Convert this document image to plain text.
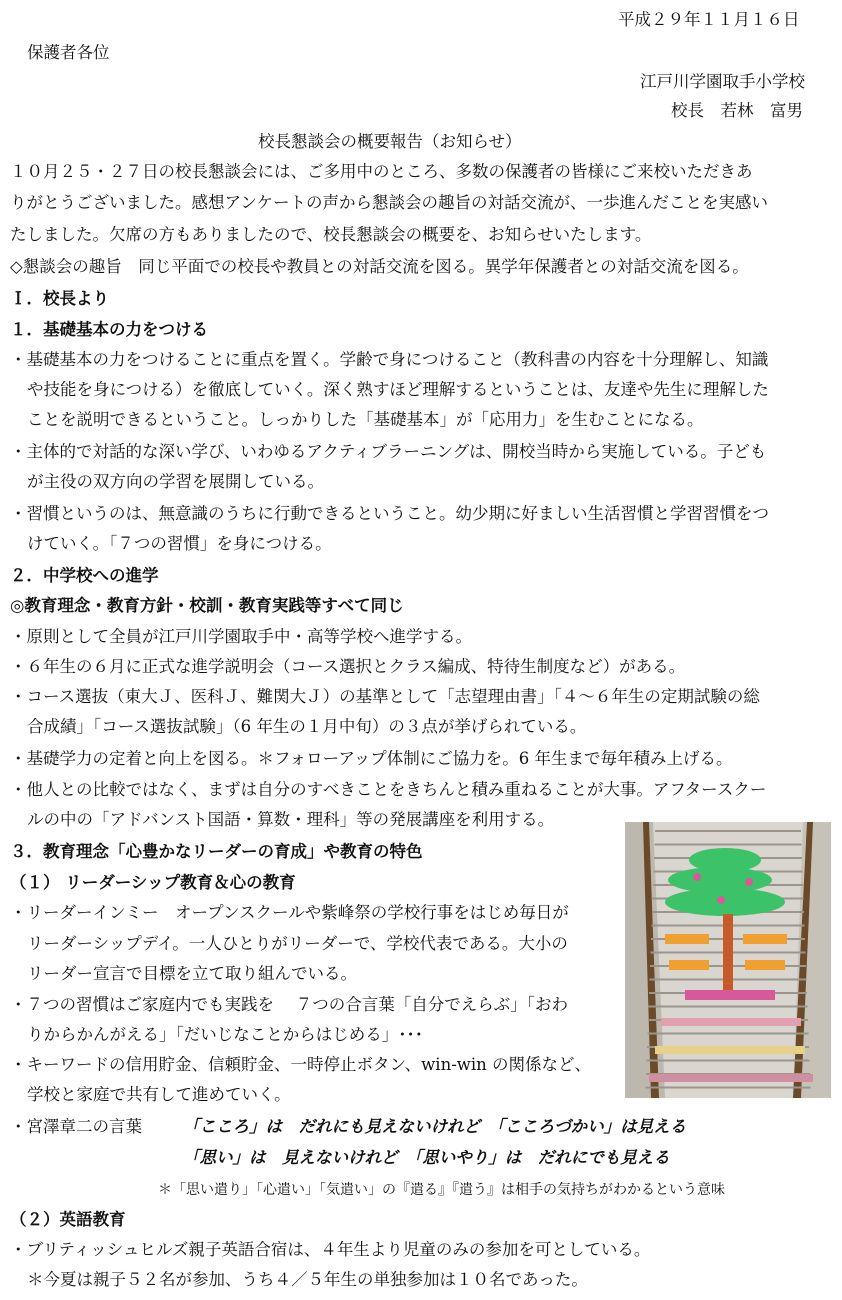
平成２９年１１月１６日
保護者各位
江戸川学園取手小学校
校長　若林　富男
校長懇談会の概要報告（お知らせ）
１０月２５・２７日の校長懇談会には、ご多用中のところ、多数の保護者の皆様にご来校いただきあ
りがとうございました。感想アンケートの声から懇談会の趣旨の対話交流が、一歩進んだことを実感い
たしました。欠席の方もありましたので、校長懇談会の概要を、お知らせいたします。
◇懇談会の趣旨　同じ平面での校長や教員との対話交流を図る。異学年保護者との対話交流を図る。
Ｉ．校長より
１．基礎基本の力をつける
・基礎基本の力をつけることに重点を置く。学齢で身につけること（教科書の内容を十分理解し、知識
や技能を身につける）を徹底していく。深く熟すほど理解するということは、友達や先生に理解した
ことを説明できるということ。しっかりした「基礎基本」が「応用力」を生むことになる。
・主体的で対話的な深い学び、いわゆるアクティブラーニングは、開校当時から実施している。子ども
が主役の双方向の学習を展開している。
・習慣というのは、無意識のうちに行動できるということ。幼少期に好ましい生活習慣と学習習慣をつ
けていく。「７つの習慣」を身につける。
２．中学校への進学
◎教育理念・教育方針・校訓・教育実践等すべて同じ
・原則として全員が江戸川学園取手中・高等学校へ進学する。
・６年生の６月に正式な進学説明会（コース選択とクラス編成、特待生制度など）がある。
・コース選抜（東大Ｊ、医科Ｊ、難関大Ｊ）の基準として「志望理由書」「４～６年生の定期試験の総
合成績」「コース選抜試験」（6 年生の１月中旬）の３点が挙げられている。
・基礎学力の定着と向上を図る。＊フォローアップ体制にご協力を。6 年生まで毎年積み上げる。
・他人との比較ではなく、まずは自分のすべきことをきちんと積み重ねることが大事。アフタースクー
ルの中の「アドバンスト国語・算数・理科」等の発展講座を利用する。
３．教育理念「心豊かなリーダーの育成」や教育の特色
（１） リーダーシップ教育＆心の教育
・リーダーインミー　オープンスクールや紫峰祭の学校行事をはじめ毎日が
リーダーシップデイ。一人ひとりがリーダーで、学校代表である。大小の
リーダー宣言で目標を立て取り組んでいる。
・７つの習慣はご家庭内でも実践を　 ７つの合言葉「自分でえらぶ」「おわ
りからかんがえる」「だいじなことからはじめる」･･･
・キーワードの信用貯金、信頼貯金、一時停止ボタン、win-win の関係など、
学校と家庭で共有して進めていく。
・宮澤章二の言葉 「こころ」は　だれにも見えないけれど　「こころづかい」は見える
「思い」は　見えないけれど　「思いやり」は　だれにでも見える
＊「思い遣り」「心遣い」「気遣い」の『遣る』『遣う』は相手の気持ちがわかるという意味
（２）英語教育
・ブリティッシュヒルズ親子英語合宿は、４年生より児童のみの参加を可としている。
＊今夏は親子５２名が参加、うち４／５年生の単独参加は１０名であった。
